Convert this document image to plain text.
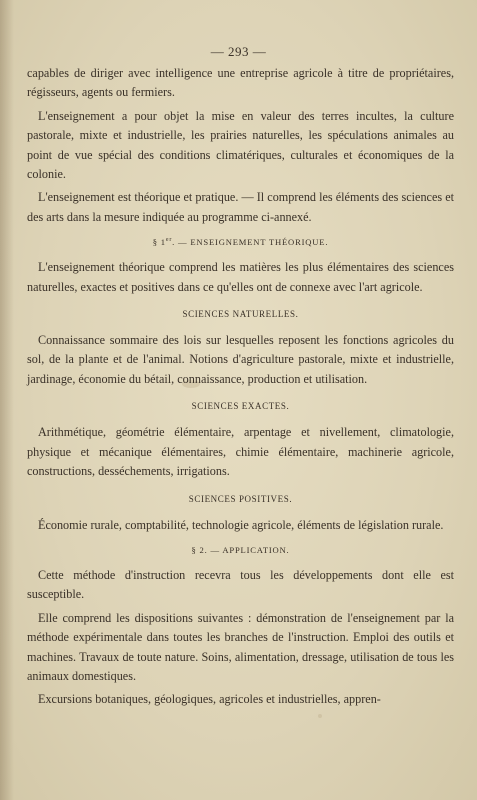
— 293 —

capables de diriger avec intelligence une entreprise agricole à titre de propriétaires, régisseurs, agents ou fermiers.

L'enseignement a pour objet la mise en valeur des terres incultes, la culture pastorale, mixte et industrielle, les prairies naturelles, les spéculations animales au point de vue spécial des conditions climatériques, culturales et économiques de la colonie.

L'enseignement est théorique et pratique. — Il comprend les éléments des sciences et des arts dans la mesure indiquée au programme ci-annexé.

§ 1er. — ENSEIGNEMENT THÉORIQUE.

L'enseignement théorique comprend les matières les plus élémentaires des sciences naturelles, exactes et positives dans ce qu'elles ont de connexe avec l'art agricole.

SCIENCES NATURELLES.

Connaissance sommaire des lois sur lesquelles reposent les fonctions agricoles du sol, de la plante et de l'animal. Notions d'agriculture pastorale, mixte et industrielle, jardinage, économie du bétail, connaissance, production et utilisation.

SCIENCES EXACTES.

Arithmétique, géométrie élémentaire, arpentage et nivellement, climatologie, physique et mécanique élémentaires, chimie élémentaire, machinerie agricole, constructions, desséchements, irrigations.

SCIENCES POSITIVES.

Économie rurale, comptabilité, technologie agricole, éléments de législation rurale.

§ 2. — APPLICATION.

Cette méthode d'instruction recevra tous les développements dont elle est susceptible.

Elle comprend les dispositions suivantes : démonstration de l'enseignement par la méthode expérimentale dans toutes les branches de l'instruction. Emploi des outils et machines. Travaux de toute nature. Soins, alimentation, dressage, utilisation de tous les animaux domestiques.

Excursions botaniques, géologiques, agricoles et industrielles, appren-
